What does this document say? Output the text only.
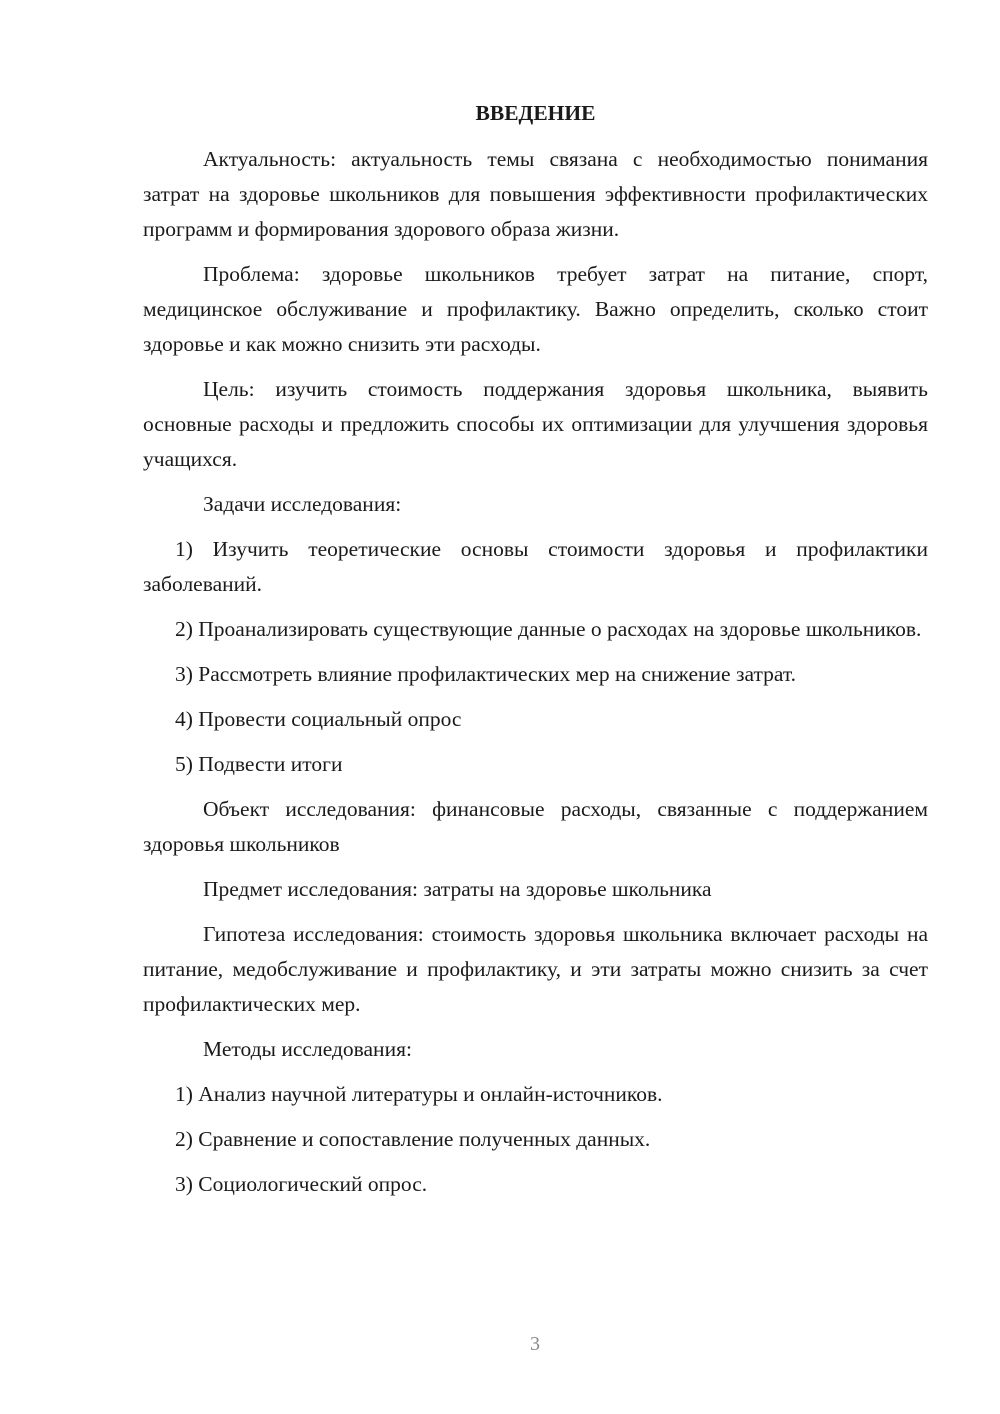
ВВЕДЕНИЕ

Актуальность: актуальность темы связана с необходимостью понимания затрат на здоровье школьников для повышения эффективности профилактических программ и формирования здорового образа жизни.

Проблема: здоровье школьников требует затрат на питание, спорт, медицинское обслуживание и профилактику. Важно определить, сколько стоит здоровье и как можно снизить эти расходы.

Цель: изучить стоимость поддержания здоровья школьника, выявить основные расходы и предложить способы их оптимизации для улучшения здоровья учащихся.

Задачи исследования:

1) Изучить теоретические основы стоимости здоровья и профилактики заболеваний.

2) Проанализировать существующие данные о расходах на здоровье школьников.

3) Рассмотреть влияние профилактических мер на снижение затрат.

4) Провести социальный опрос

5) Подвести итоги

Объект исследования: финансовые расходы, связанные с поддержанием здоровья школьников

Предмет исследования: затраты на здоровье школьника

Гипотеза исследования: стоимость здоровья школьника включает расходы на питание, медобслуживание и профилактику, и эти затраты можно снизить за счет профилактических мер.

Методы исследования:

1) Анализ научной литературы и онлайн-источников.

2) Сравнение и сопоставление полученных данных.

3) Социологический опрос.

3
